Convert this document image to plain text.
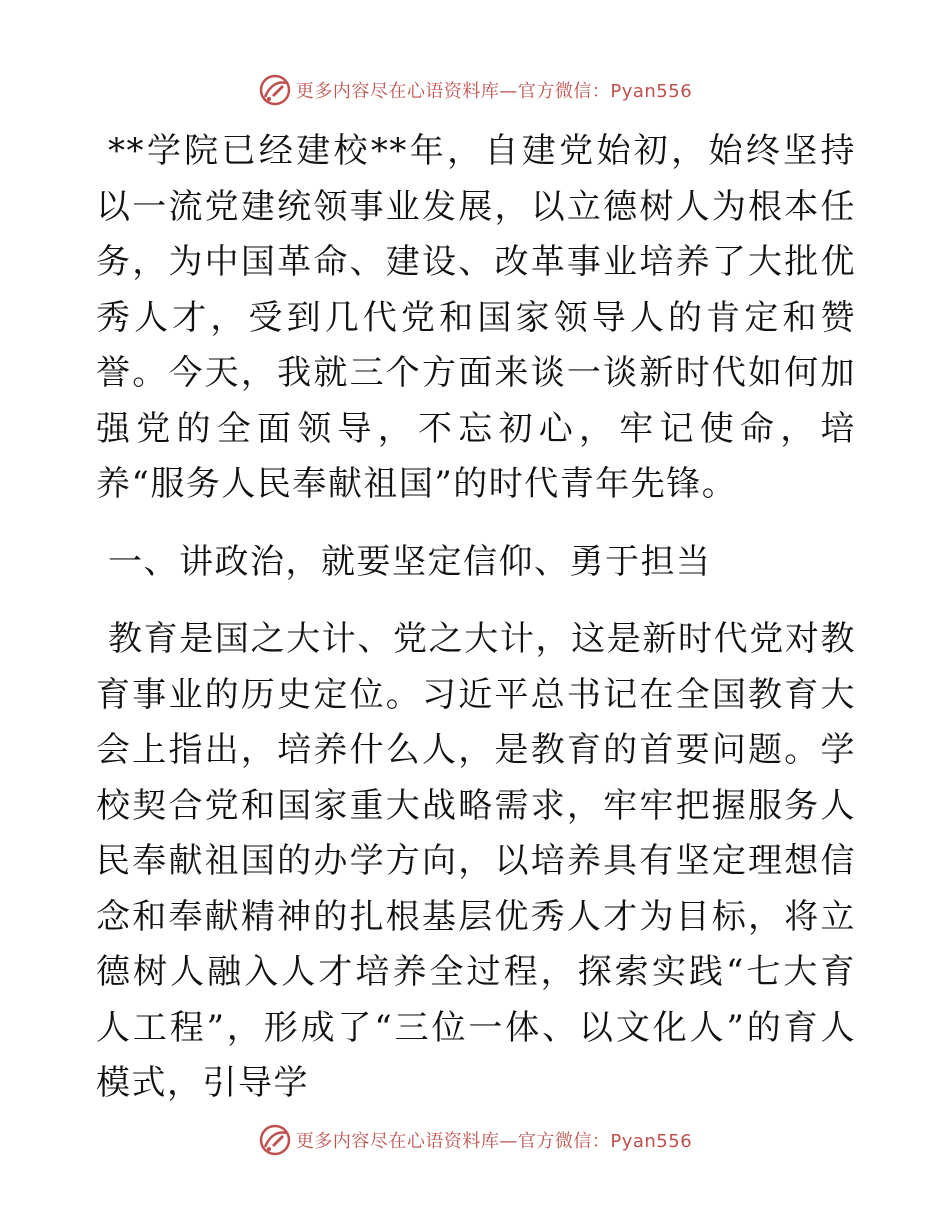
更多内容尽在心语资料库—官方微信：Pyan556

**学院已经建校**年，自建党始初，始终坚持以一流党建统领事业发展，以立德树人为根本任务，为中国革命、建设、改革事业培养了大批优秀人才，受到几代党和国家领导人的肯定和赞誉。今天，我就三个方面来谈一谈新时代如何加强党的全面领导，不忘初心，牢记使命，培养“服务人民奉献祖国”的时代青年先锋。

一、讲政治，就要坚定信仰、勇于担当

教育是国之大计、党之大计，这是新时代党对教育事业的历史定位。习近平总书记在全国教育大会上指出，培养什么人，是教育的首要问题。学校契合党和国家重大战略需求，牢牢把握服务人民奉献祖国的办学方向，以培养具有坚定理想信念和奉献精神的扎根基层优秀人才为目标，将立德树人融入人才培养全过程，探索实践“七大育人工程”，形成了“三位一体、以文化人”的育人模式，引导学

更多内容尽在心语资料库—官方微信：Pyan556
